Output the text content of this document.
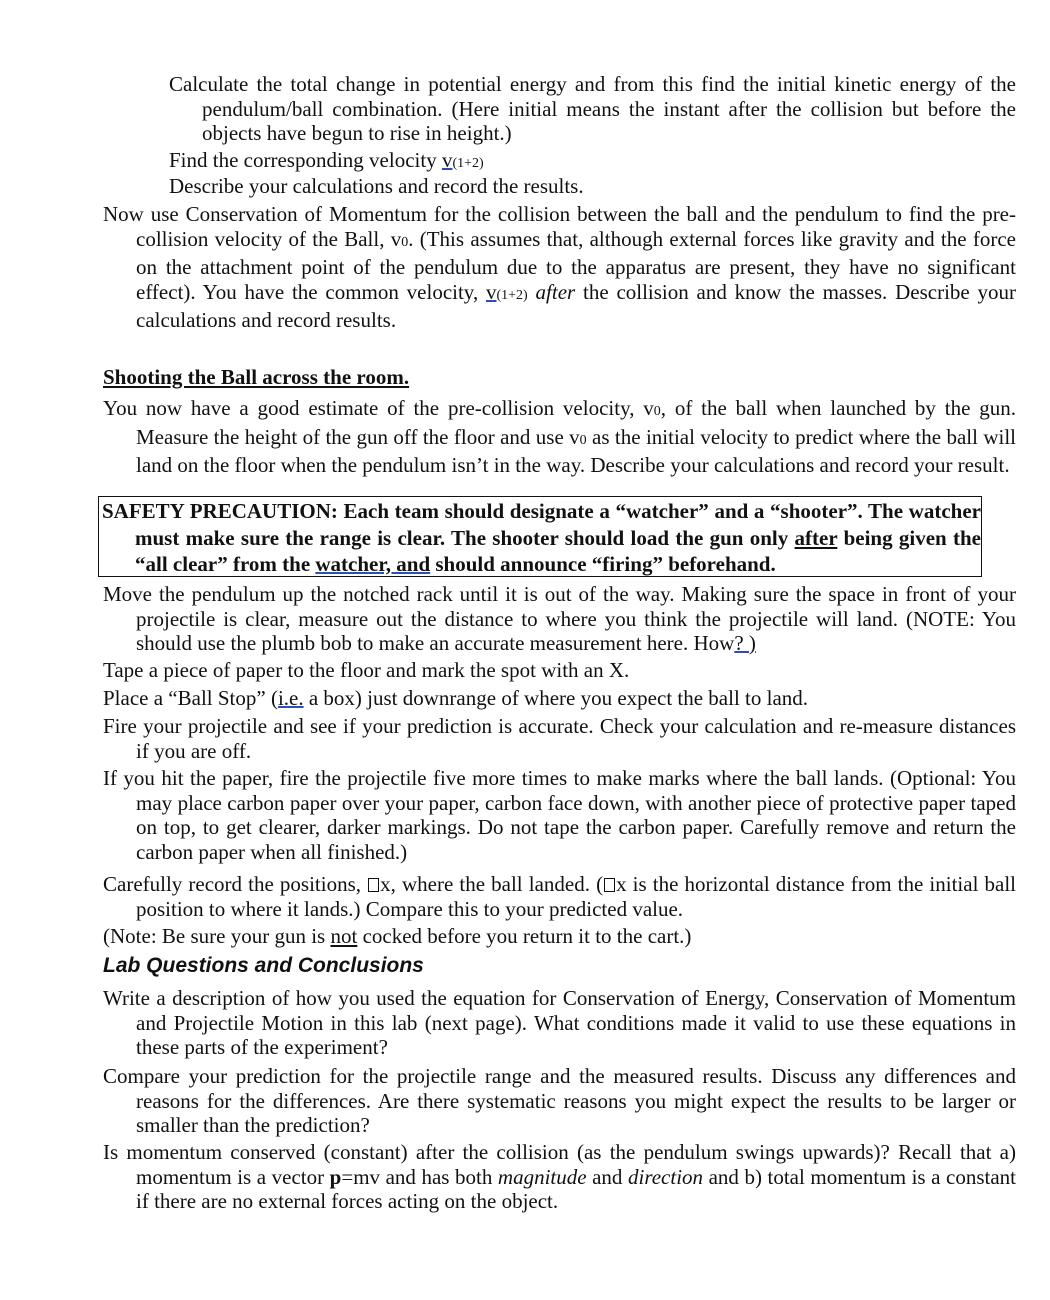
Calculate the total change in potential energy and from this find the initial kinetic energy of the pendulum/ball combination. (Here initial means the instant after the collision but before the objects have begun to rise in height.)

Find the corresponding velocity v(1+2)

Describe your calculations and record the results.

Now use Conservation of Momentum for the collision between the ball and the pendulum to find the pre-collision velocity of the Ball, v0. (This assumes that, although external forces like gravity and the force on the attachment point of the pendulum due to the apparatus are present, they have no significant effect). You have the common velocity, v(1+2) after the collision and know the masses. Describe your calculations and record results.

Shooting the Ball across the room.

You now have a good estimate of the pre-collision velocity, v0, of the ball when launched by the gun. Measure the height of the gun off the floor and use v0 as the initial velocity to predict where the ball will land on the floor when the pendulum isn’t in the way. Describe your calculations and record your result.

SAFETY PRECAUTION: Each team should designate a “watcher” and a “shooter”. The watcher must make sure the range is clear. The shooter should load the gun only after being given the “all clear” from the watcher, and should announce “firing” beforehand.

Move the pendulum up the notched rack until it is out of the way. Making sure the space in front of your projectile is clear, measure out the distance to where you think the projectile will land. (NOTE: You should use the plumb bob to make an accurate measurement here. How? )

Tape a piece of paper to the floor and mark the spot with an X.

Place a “Ball Stop” (i.e. a box) just downrange of where you expect the ball to land.

Fire your projectile and see if your prediction is accurate. Check your calculation and re-measure distances if you are off.

If you hit the paper, fire the projectile five more times to make marks where the ball lands. (Optional: You may place carbon paper over your paper, carbon face down, with another piece of protective paper taped on top, to get clearer, darker markings. Do not tape the carbon paper. Carefully remove and return the carbon paper when all finished.)

Carefully record the positions, x, where the ball landed. ( x is the horizontal distance from the initial ball position to where it lands.) Compare this to your predicted value.

(Note: Be sure your gun is not cocked before you return it to the cart.)

Lab Questions and Conclusions

Write a description of how you used the equation for Conservation of Energy, Conservation of Momentum and Projectile Motion in this lab (next page). What conditions made it valid to use these equations in these parts of the experiment?

Compare your prediction for the projectile range and the measured results. Discuss any differences and reasons for the differences. Are there systematic reasons you might expect the results to be larger or smaller than the prediction?

Is momentum conserved (constant) after the collision (as the pendulum swings upwards)? Recall that a) momentum is a vector p=mv and has both magnitude and direction and b) total momentum is a constant if there are no external forces acting on the object.
